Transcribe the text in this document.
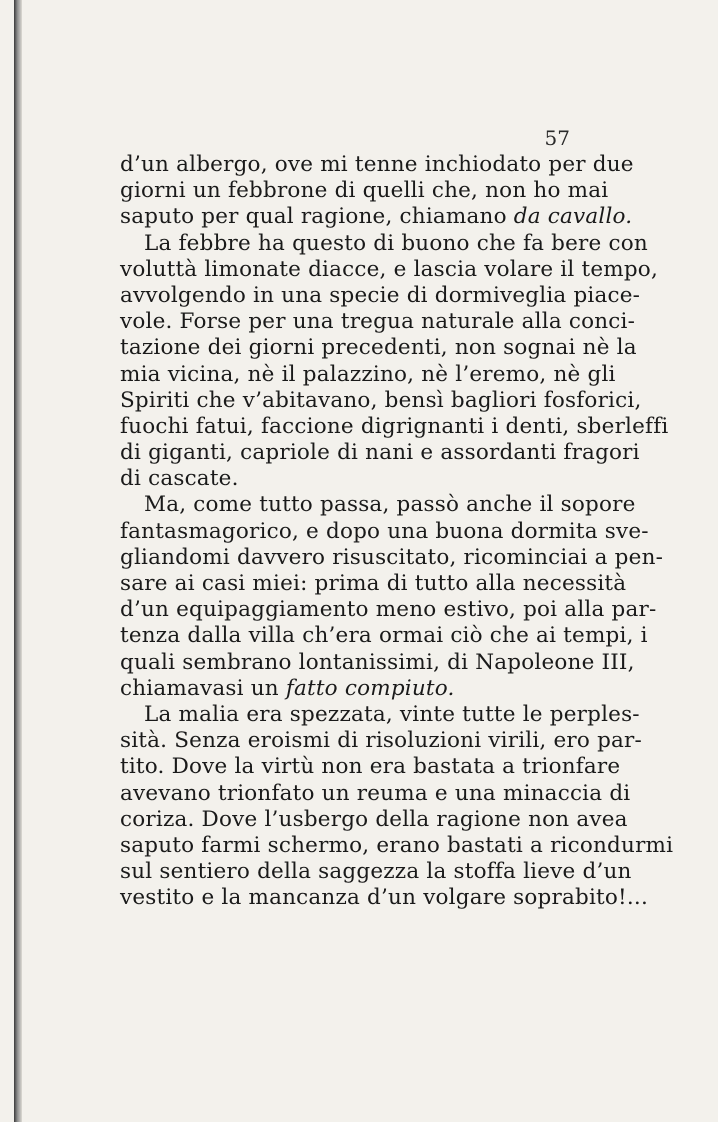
57
d’un albergo, ove mi tenne inchiodato per due
giorni un febbrone di quelli che, non ho mai
saputo per qual ragione, chiamano da cavallo.
La febbre ha questo di buono che fa bere con
voluttà limonate diacce, e lascia volare il tempo,
avvolgendo in una specie di dormiveglia piace-
vole. Forse per una tregua naturale alla conci-
tazione dei giorni precedenti, non sognai nè la
mia vicina, nè il palazzino, nè l’eremo, nè gli
Spiriti che v’abitavano, bensì bagliori fosforici,
fuochi fatui, faccione digrignanti i denti, sberleffi
di giganti, capriole di nani e assordanti fragori
di cascate.
Ma, come tutto passa, passò anche il sopore
fantasmagorico, e dopo una buona dormita sve-
gliandomi davvero risuscitato, ricominciai a pen-
sare ai casi miei: prima di tutto alla necessità
d’un equipaggiamento meno estivo, poi alla par-
tenza dalla villa ch’era ormai ciò che ai tempi, i
quali sembrano lontanissimi, di Napoleone III,
chiamavasi un fatto compiuto.
La malia era spezzata, vinte tutte le perples-
sità. Senza eroismi di risoluzioni virili, ero par-
tito. Dove la virtù non era bastata a trionfare
avevano trionfato un reuma e una minaccia di
coriza. Dove l’usbergo della ragione non avea
saputo farmi schermo, erano bastati a ricondurmi
sul sentiero della saggezza la stoffa lieve d’un
vestito e la mancanza d’un volgare soprabito!...
